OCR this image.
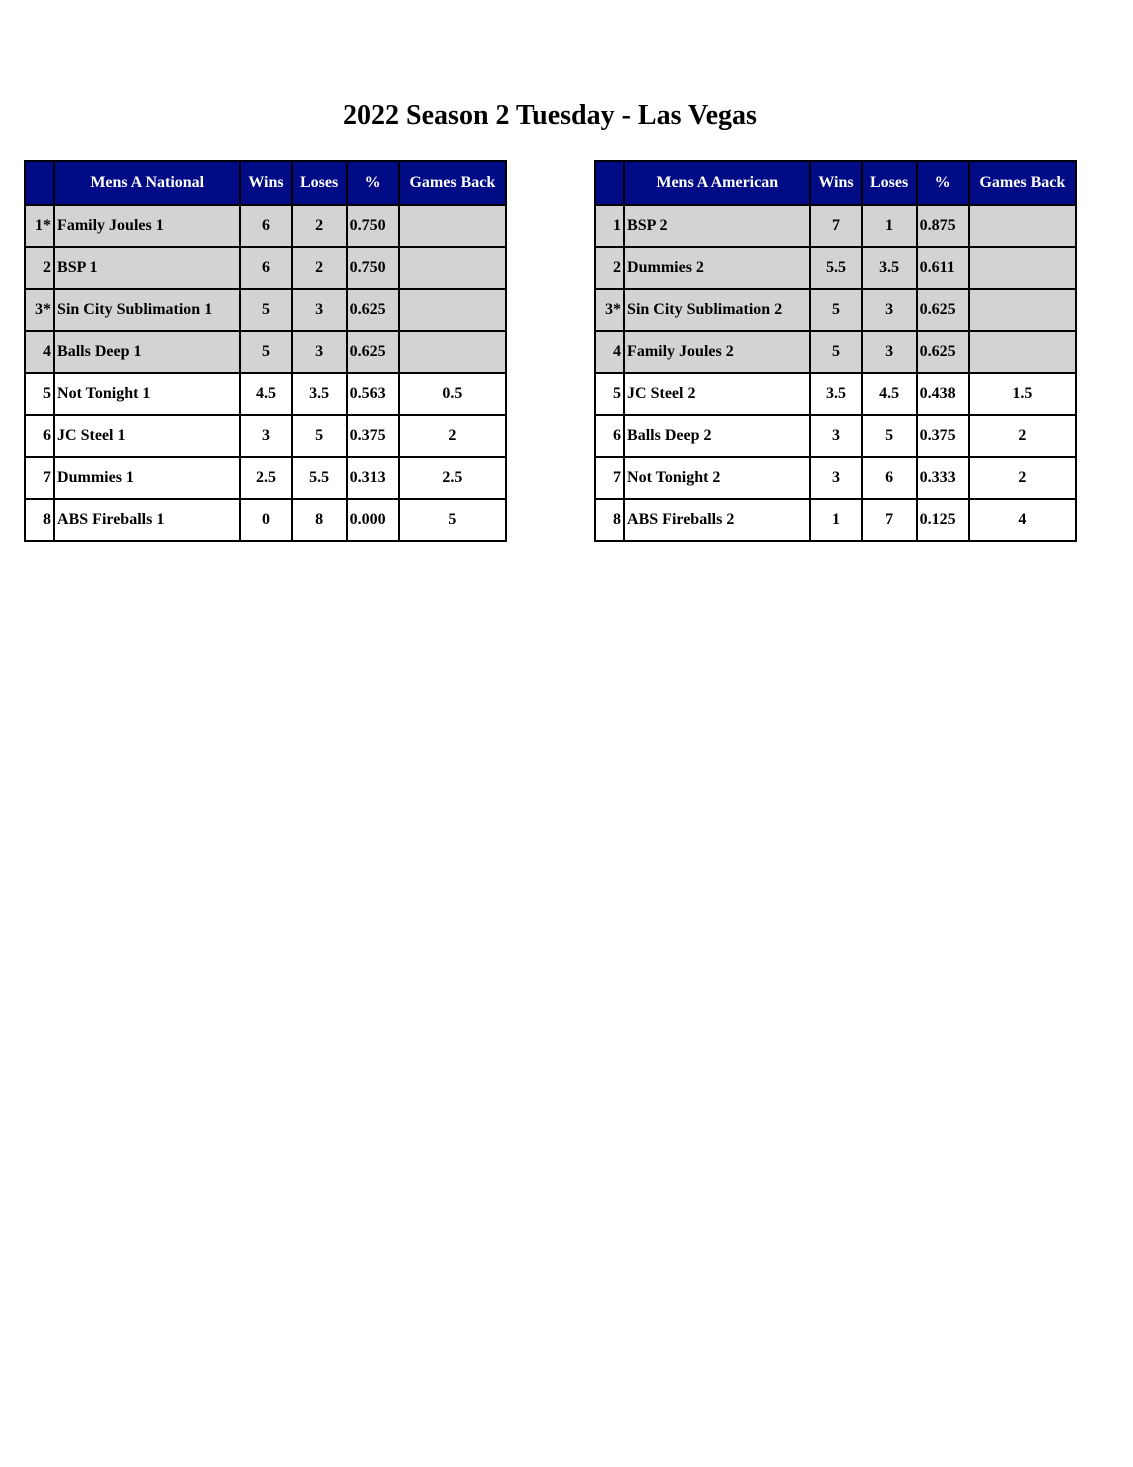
2022 Season 2 Tuesday - Las Vegas
	Mens A National	Wins	Loses	%	Games Back
1*	Family Joules 1	6	2	0.750	
2	BSP 1	6	2	0.750	
3*	Sin City Sublimation 1	5	3	0.625	
4	Balls Deep 1	5	3	0.625	
5	Not Tonight 1	4.5	3.5	0.563	0.5
6	JC Steel 1	3	5	0.375	2
7	Dummies 1	2.5	5.5	0.313	2.5
8	ABS Fireballs 1	0	8	0.000	5
	Mens A American	Wins	Loses	%	Games Back
1	BSP 2	7	1	0.875	
2	Dummies 2	5.5	3.5	0.611	
3*	Sin City Sublimation 2	5	3	0.625	
4	Family Joules 2	5	3	0.625	
5	JC Steel 2	3.5	4.5	0.438	1.5
6	Balls Deep 2	3	5	0.375	2
7	Not Tonight 2	3	6	0.333	2
8	ABS Fireballs 2	1	7	0.125	4
